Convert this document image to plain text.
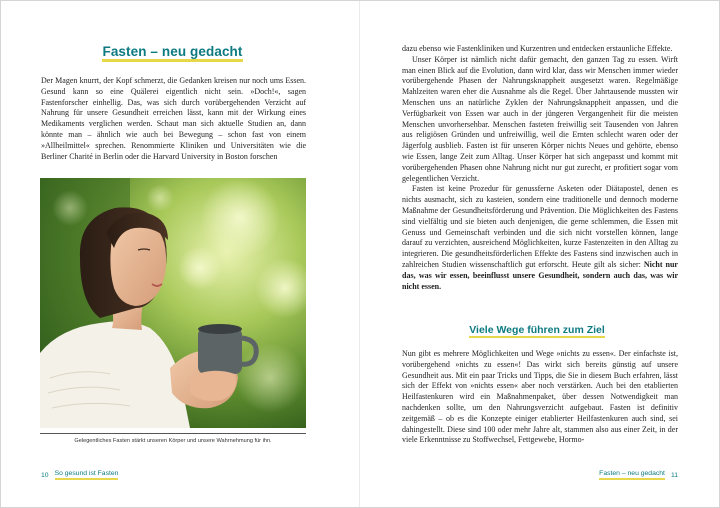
Fasten – neu gedacht

Der Magen knurrt, der Kopf schmerzt, die Gedanken kreisen nur noch ums Essen. Gesund kann so eine Quälerei eigentlich nicht sein. »Doch!«, sagen Fastenforscher einhellig. Das, was sich durch vorübergehenden Verzicht auf Nahrung für unsere Gesundheit erreichen lässt, kann mit der Wirkung eines Medikaments verglichen werden. Schaut man sich aktuelle Studien an, dann könnte man – ähnlich wie auch bei Bewegung – schon fast von einem »Allheilmittel« sprechen. Renommierte Kliniken und Universitäten wie die Berliner Charité in Berlin oder die Harvard University in Boston forschen

Gelegentliches Fasten stärkt unseren Körper und unsere Wahrnehmung für ihn.
10 So gesund ist Fasten

dazu ebenso wie Fastenkliniken und Kurzentren und entdecken erstaunliche Effekte.

Unser Körper ist nämlich nicht dafür gemacht, den ganzen Tag zu essen. Wirft man einen Blick auf die Evolution, dann wird klar, dass wir Menschen immer wieder vorübergehende Phasen der Nahrungsknappheit ausgesetzt waren. Regelmäßige Mahlzeiten waren eher die Ausnahme als die Regel. Über Jahrtausende mussten wir Menschen uns an natürliche Zyklen der Nahrungsknappheit anpassen, und die Verfügbarkeit von Essen war auch in der jüngeren Vergangenheit für die meisten Menschen unvorhersehbar. Menschen fasteten freiwillig seit Tausenden von Jahren aus religiösen Gründen und unfreiwillig, weil die Ernten schlecht waren oder der Jägerfolg ausblieb. Fasten ist für unseren Körper nichts Neues und gehörte, ebenso wie Essen, lange Zeit zum Alltag. Unser Körper hat sich angepasst und kommt mit vorübergehenden Phasen ohne Nahrung nicht nur gut zurecht, er profitiert sogar vom gelegentlichen Verzicht.

Fasten ist keine Prozedur für genussferne Asketen oder Diätapostel, denen es nichts ausmacht, sich zu kasteien, sondern eine traditionelle und dennoch moderne Maßnahme der Gesundheitsförderung und Prävention. Die Möglichkeiten des Fastens sind vielfältig und sie bieten auch denjenigen, die gerne schlemmen, die Essen mit Genuss und Gemeinschaft verbinden und die sich nicht vorstellen können, lange darauf zu verzichten, ausreichend Möglichkeiten, kurze Fastenzeiten in den Alltag zu integrieren. Die gesundheitsförderlichen Effekte des Fastens sind inzwischen auch in zahlreichen Studien wissenschaftlich gut erforscht. Heute gilt als sicher: Nicht nur das, was wir essen, beeinflusst unsere Gesundheit, sondern auch das, was wir nicht essen.

Viele Wege führen zum Ziel

Nun gibt es mehrere Möglichkeiten und Wege »nichts zu essen«. Der einfachste ist, vorübergehend »nichts zu essen«! Das wirkt sich bereits günstig auf unsere Gesundheit aus. Mit ein paar Tricks und Tipps, die Sie in diesem Buch erfahren, lässt sich der Effekt von »nichts essen« aber noch verstärken. Auch bei den etablierten Heilfastenkuren wird ein Maßnahmenpaket, über dessen Notwendigkeit man nachdenken sollte, um den Nahrungsverzicht aufgebaut. Fasten ist definitiv zeitgemäß – ob es die Konzepte einiger etablierter Heilfastenkuren auch sind, sei dahingestellt. Diese sind 100 oder mehr Jahre alt, stammen also aus einer Zeit, in der viele Erkenntnisse zu Stoffwechsel, Fettgewebe, Hormo-

Fasten – neu gedacht 11
